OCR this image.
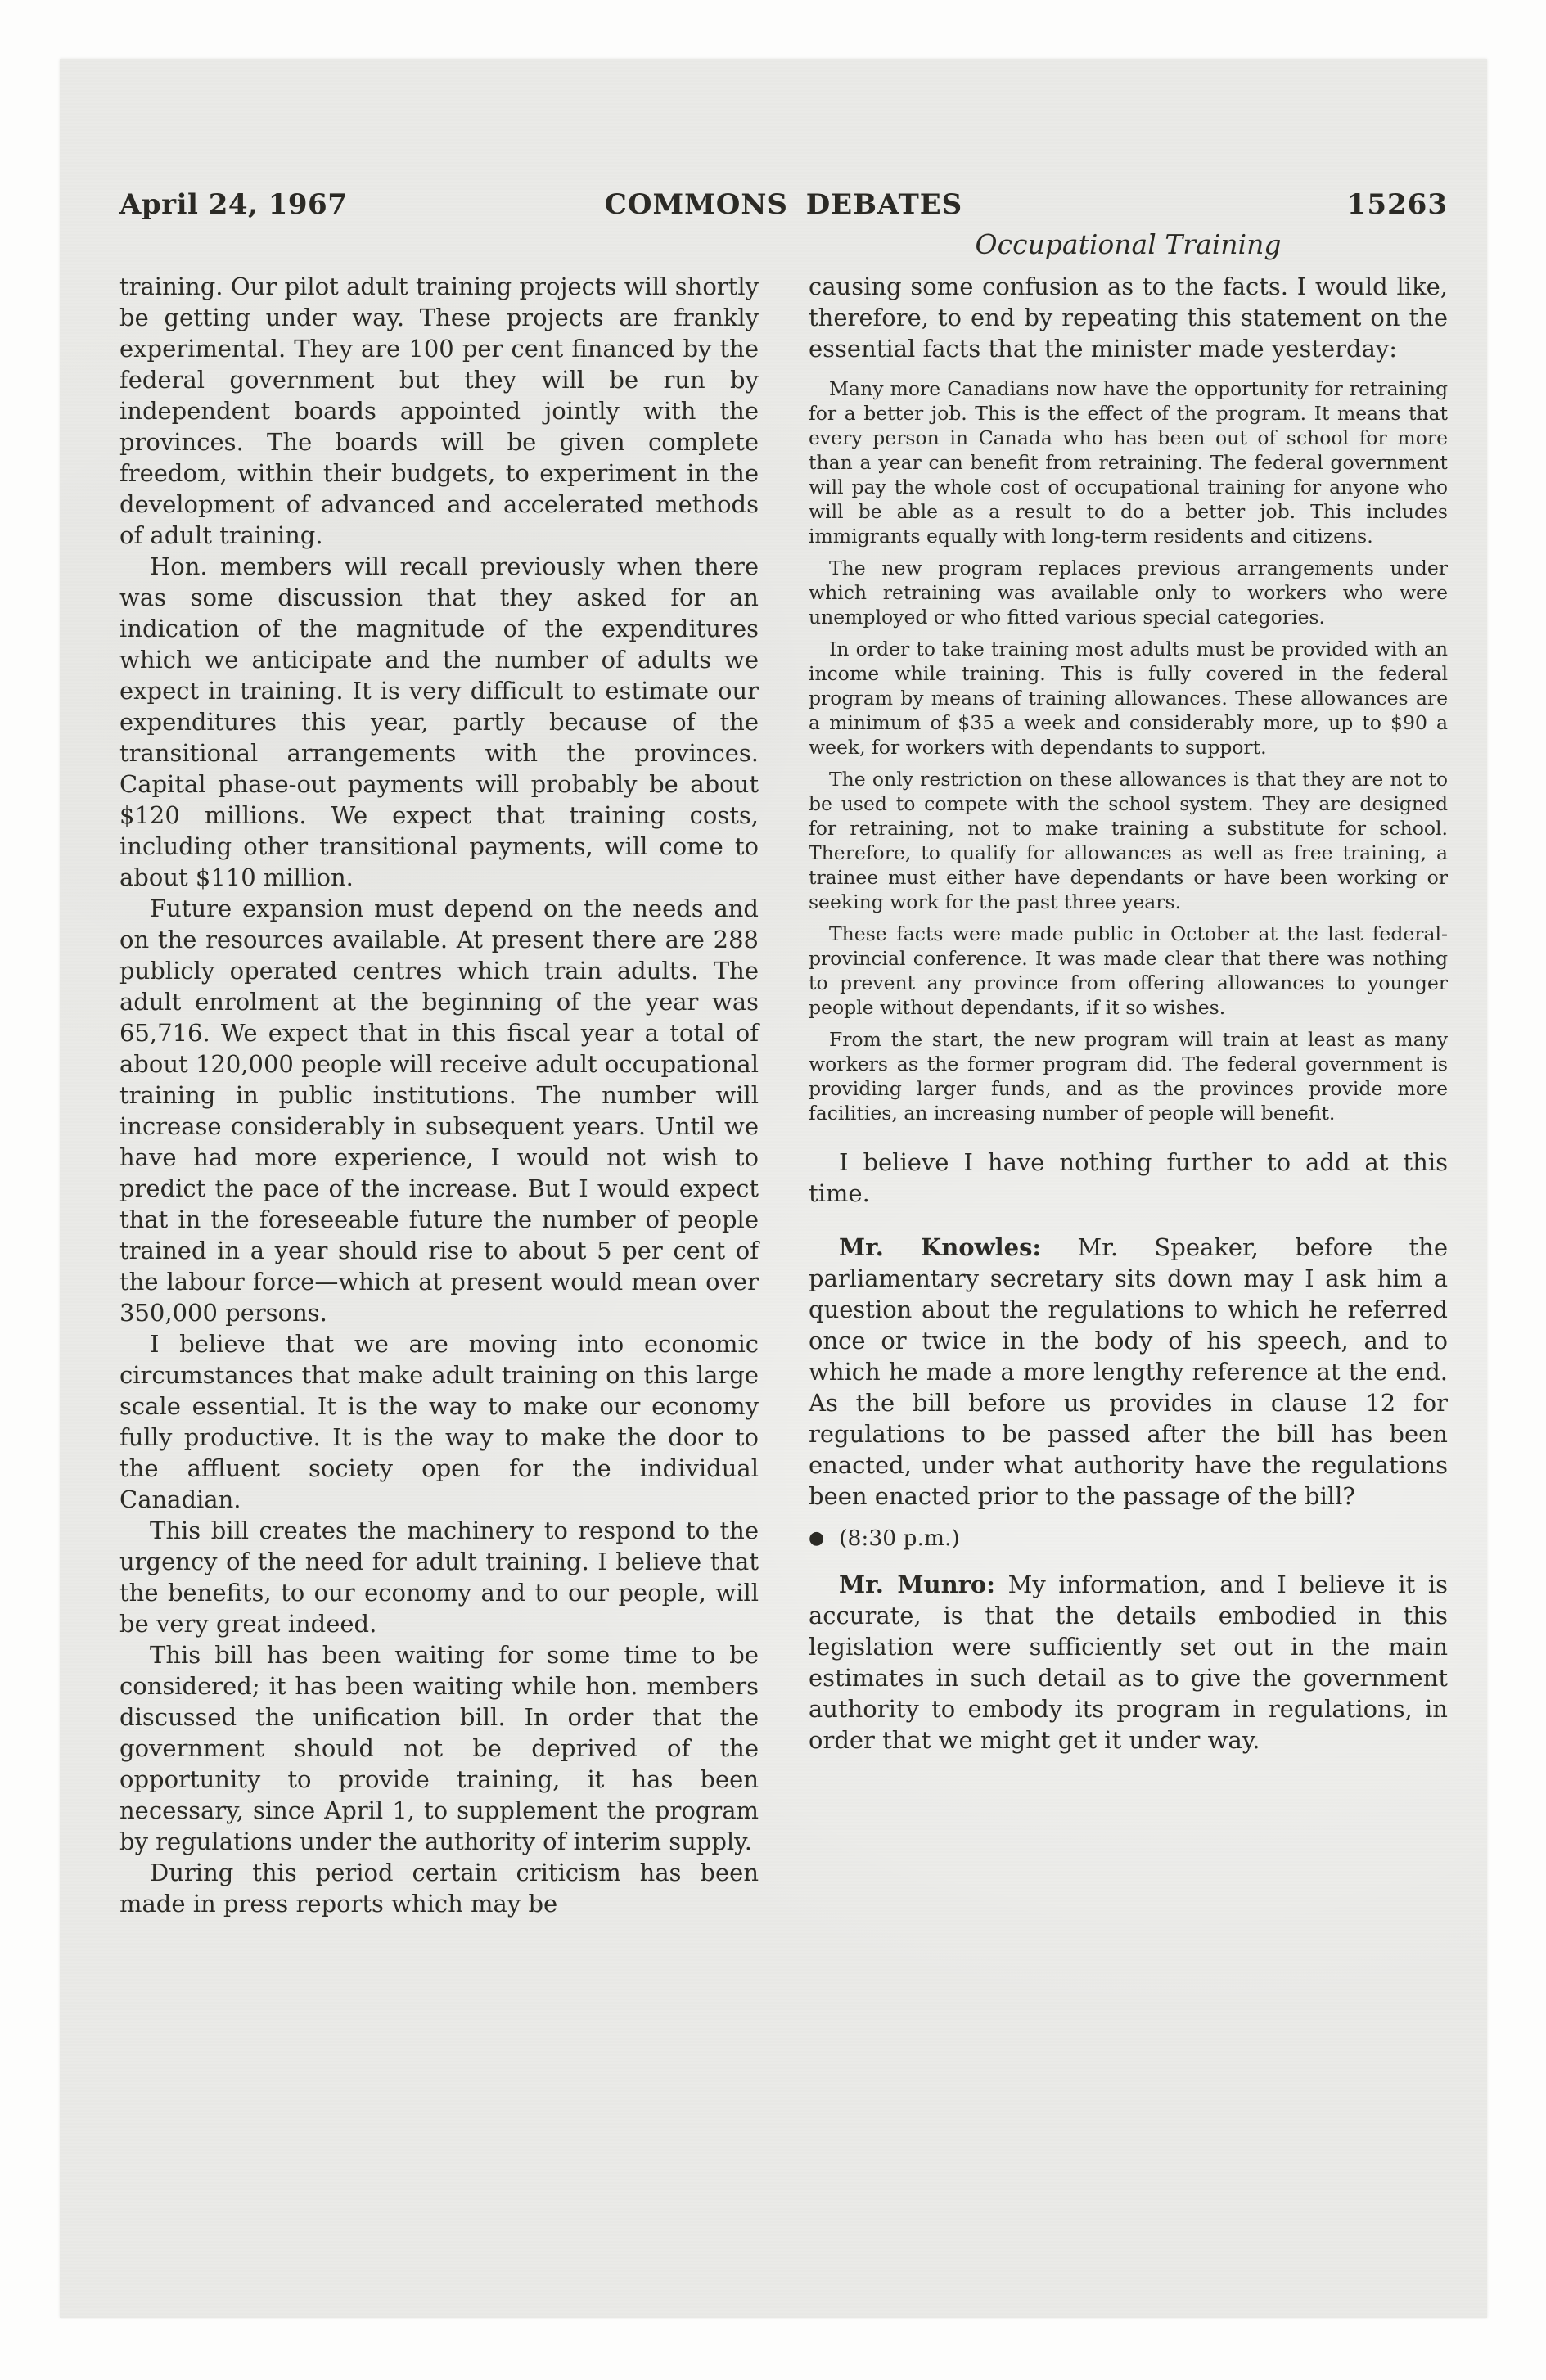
April 24, 1967	COMMONS DEBATES	15263
Occupational Training

training. Our pilot adult training projects will shortly be getting under way. These projects are frankly experimental. They are 100 per cent financed by the federal government but they will be run by independent boards appointed jointly with the provinces. The boards will be given complete freedom, within their budgets, to experiment in the development of advanced and accelerated methods of adult training.

Hon. members will recall previously when there was some discussion that they asked for an indication of the magnitude of the expenditures which we anticipate and the number of adults we expect in training. It is very difficult to estimate our expenditures this year, partly because of the transitional arrangements with the provinces. Capital phase-out payments will probably be about $120 millions. We expect that training costs, including other transitional payments, will come to about $110 million.

Future expansion must depend on the needs and on the resources available. At present there are 288 publicly operated centres which train adults. The adult enrolment at the beginning of the year was 65,716. We expect that in this fiscal year a total of about 120,000 people will receive adult occupational training in public institutions. The number will increase considerably in subsequent years. Until we have had more experience, I would not wish to predict the pace of the increase. But I would expect that in the foreseeable future the number of people trained in a year should rise to about 5 per cent of the labour force—which at present would mean over 350,000 persons.

I believe that we are moving into economic circumstances that make adult training on this large scale essential. It is the way to make our economy fully productive. It is the way to make the door to the affluent society open for the individual Canadian.

This bill creates the machinery to respond to the urgency of the need for adult training. I believe that the benefits, to our economy and to our people, will be very great indeed.

This bill has been waiting for some time to be considered; it has been waiting while hon. members discussed the unification bill. In order that the government should not be deprived of the opportunity to provide training, it has been necessary, since April 1, to supplement the program by regulations under the authority of interim supply.

During this period certain criticism has been made in press reports which may be

causing some confusion as to the facts. I would like, therefore, to end by repeating this statement on the essential facts that the minister made yesterday:

Many more Canadians now have the opportunity for retraining for a better job. This is the effect of the program. It means that every person in Canada who has been out of school for more than a year can benefit from retraining. The federal government will pay the whole cost of occupational training for anyone who will be able as a result to do a better job. This includes immigrants equally with long-term residents and citizens.

The new program replaces previous arrangements under which retraining was available only to workers who were unemployed or who fitted various special categories.

In order to take training most adults must be provided with an income while training. This is fully covered in the federal program by means of training allowances. These allowances are a minimum of $35 a week and considerably more, up to $90 a week, for workers with dependants to support.

The only restriction on these allowances is that they are not to be used to compete with the school system. They are designed for retraining, not to make training a substitute for school. Therefore, to qualify for allowances as well as free training, a trainee must either have dependants or have been working or seeking work for the past three years.

These facts were made public in October at the last federal-provincial conference. It was made clear that there was nothing to prevent any province from offering allowances to younger people without dependants, if it so wishes.

From the start, the new program will train at least as many workers as the former program did. The federal government is providing larger funds, and as the provinces provide more facilities, an increasing number of people will benefit.

I believe I have nothing further to add at this time.

Mr. Knowles: Mr. Speaker, before the parliamentary secretary sits down may I ask him a question about the regulations to which he referred once or twice in the body of his speech, and to which he made a more lengthy reference at the end. As the bill before us provides in clause 12 for regulations to be passed after the bill has been enacted, under what authority have the regulations been enacted prior to the passage of the bill?

● (8:30 p.m.)

Mr. Munro: My information, and I believe it is accurate, is that the details embodied in this legislation were sufficiently set out in the main estimates in such detail as to give the government authority to embody its program in regulations, in order that we might get it under way.
